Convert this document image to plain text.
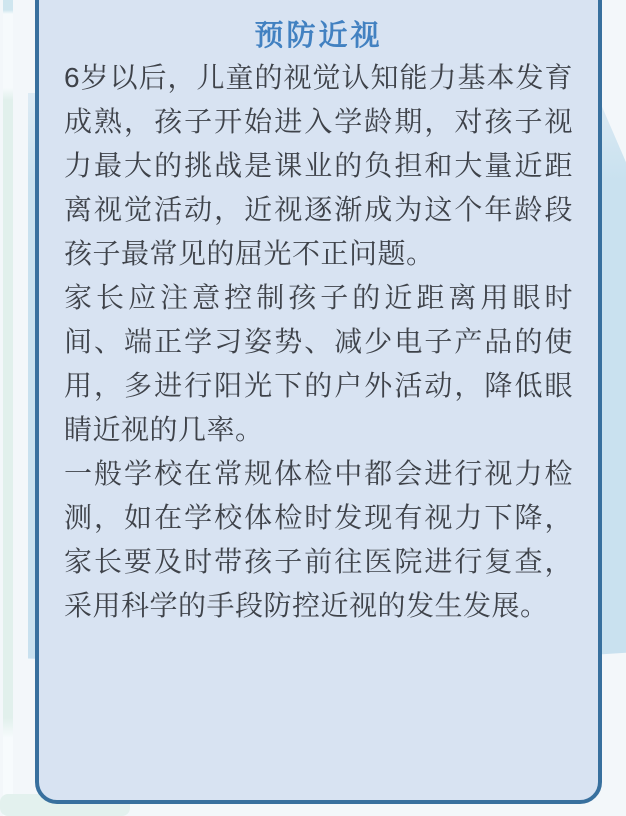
预防近视

6岁以后，儿童的视觉认知能力基本发育成熟，孩子开始进入学龄期，对孩子视力最大的挑战是课业的负担和大量近距离视觉活动，近视逐渐成为这个年龄段孩子最常见的屈光不正问题。

家长应注意控制孩子的近距离用眼时间、端正学习姿势、减少电子产品的使用，多进行阳光下的户外活动，降低眼睛近视的几率。

一般学校在常规体检中都会进行视力检测，如在学校体检时发现有视力下降，家长要及时带孩子前往医院进行复查，采用科学的手段防控近视的发生发展。
